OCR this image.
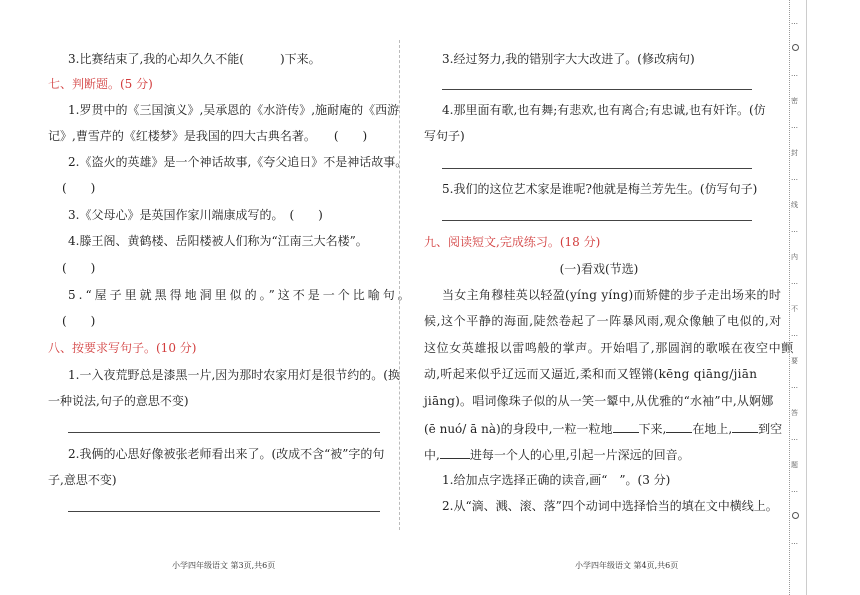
3.比赛结束了,我的心却久久不能(　　　)下来。
七、判断题。(5 分)
1.罗贯中的《三国演义》,吴承恩的《水浒传》,施耐庵的《西游
记》,曹雪芹的《红楼梦》是我国的四大古典名著。　　(　　)
2.《盗火的英雄》是一个神话故事,《夸父追日》不是神话故事。
(　　)
3.《父母心》是英国作家川端康成写的。　(　　)
4.滕王阁、黄鹤楼、岳阳楼被人们称为“江南三大名楼”。
(　　)
5.“屋子里就黑得地洞里似的。”这不是一个比喻句。
(　　)
八、按要求写句子。(10 分)
1.一入夜荒野总是漆黑一片,因为那时农家用灯是很节约的。(换
一种说法,句子的意思不变)
2.我俩的心思好像被张老师看出来了。(改成不含“被”字的句
子,意思不变)
小学四年级语文 第3页,共6页
3.经过努力,我的错别字大大改进了。(修改病句)
4.那里面有歌,也有舞;有悲欢,也有离合;有忠诚,也有奸诈。(仿
写句子)
5.我们的这位艺术家是谁呢?他就是梅兰芳先生。(仿写句子)
九、阅读短文,完成练习。(18 分)
(一)看戏(节选)
当女主角穆桂英以轻盈(yíng yíng)而矫健的步子走出场来的时
候,这个平静的海面,陡然卷起了一阵暴风雨,观众像触了电似的,对
这位女英雄报以雷鸣般的掌声。开始唱了,那圆润的歌喉在夜空中颤
动,听起来似乎辽远而又逼近,柔和而又铿锵(kēng qiāng/jiān
jiāng)。唱词像珠子似的从一笑一颦中,从优雅的“水袖”中,从婀娜
(ē nuó/ ā nà)的身段中,一粒一粒地 下来, 在地上, 到空
中,	进每一个人的心里,引起一片深远的回音。
1.给加点字选择正确的读音,画“　”。(3 分)
2.从“滴、溅、滚、落”四个动词中选择恰当的填在文中横线上。
小学四年级语文 第4页,共6页
…
…
密
…
封
…
线
…
内
…
不
…
要
…
答
…
题
…
…
